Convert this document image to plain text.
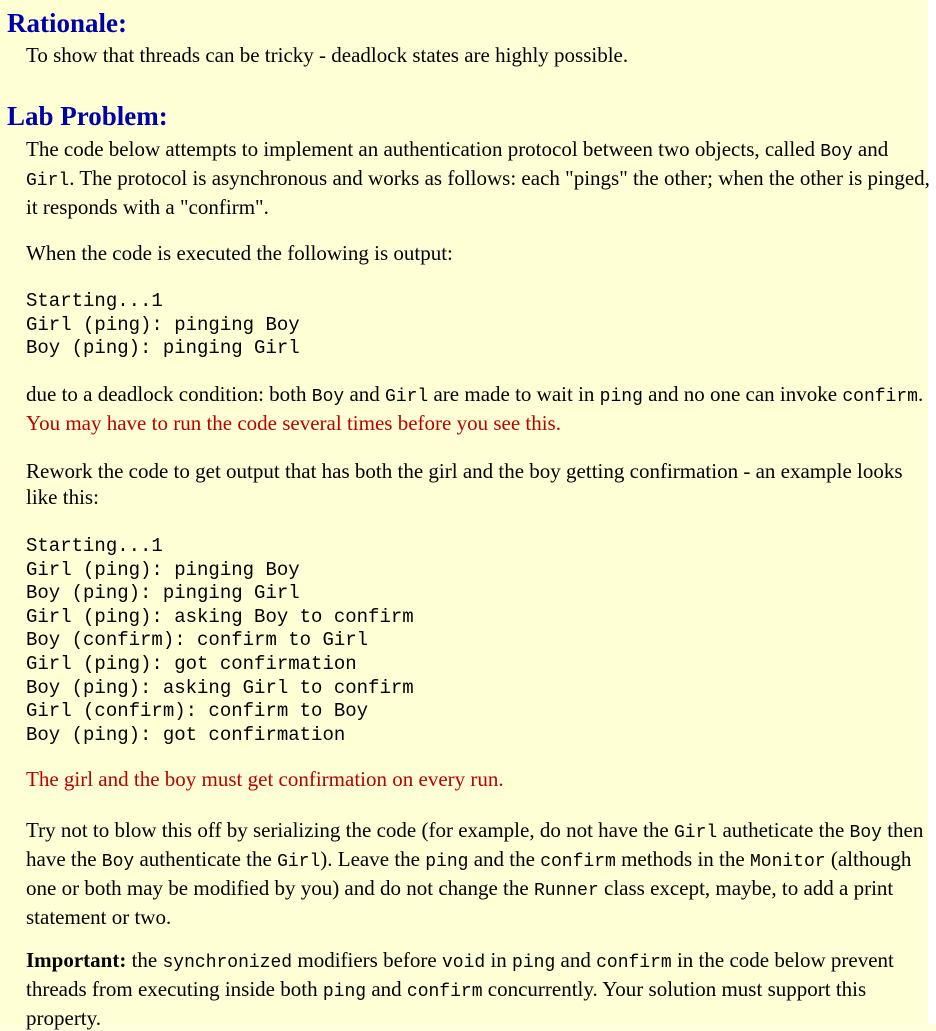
Rationale:

To show that threads can be tricky - deadlock states are highly possible.

Lab Problem:

The code below attempts to implement an authentication protocol between two objects, called Boy and Girl. The protocol is asynchronous and works as follows: each "pings" the other; when the other is pinged, it responds with a "confirm".

When the code is executed the following is output:

Starting...1
Girl (ping): pinging Boy
Boy (ping): pinging Girl

due to a deadlock condition: both Boy and Girl are made to wait in ping and no one can invoke confirm. You may have to run the code several times before you see this.

Rework the code to get output that has both the girl and the boy getting confirmation - an example looks like this:

Starting...1
Girl (ping): pinging Boy
Boy (ping): pinging Girl
Girl (ping): asking Boy to confirm
Boy (confirm): confirm to Girl
Girl (ping): got confirmation
Boy (ping): asking Girl to confirm
Girl (confirm): confirm to Boy
Boy (ping): got confirmation

The girl and the boy must get confirmation on every run.

Try not to blow this off by serializing the code (for example, do not have the Girl autheticate the Boy then have the Boy authenticate the Girl). Leave the ping and the confirm methods in the Monitor (although one or both may be modified by you) and do not change the Runner class except, maybe, to add a print statement or two.

Important: the synchronized modifiers before void in ping and confirm in the code below prevent threads from executing inside both ping and confirm concurrently. Your solution must support this property.
